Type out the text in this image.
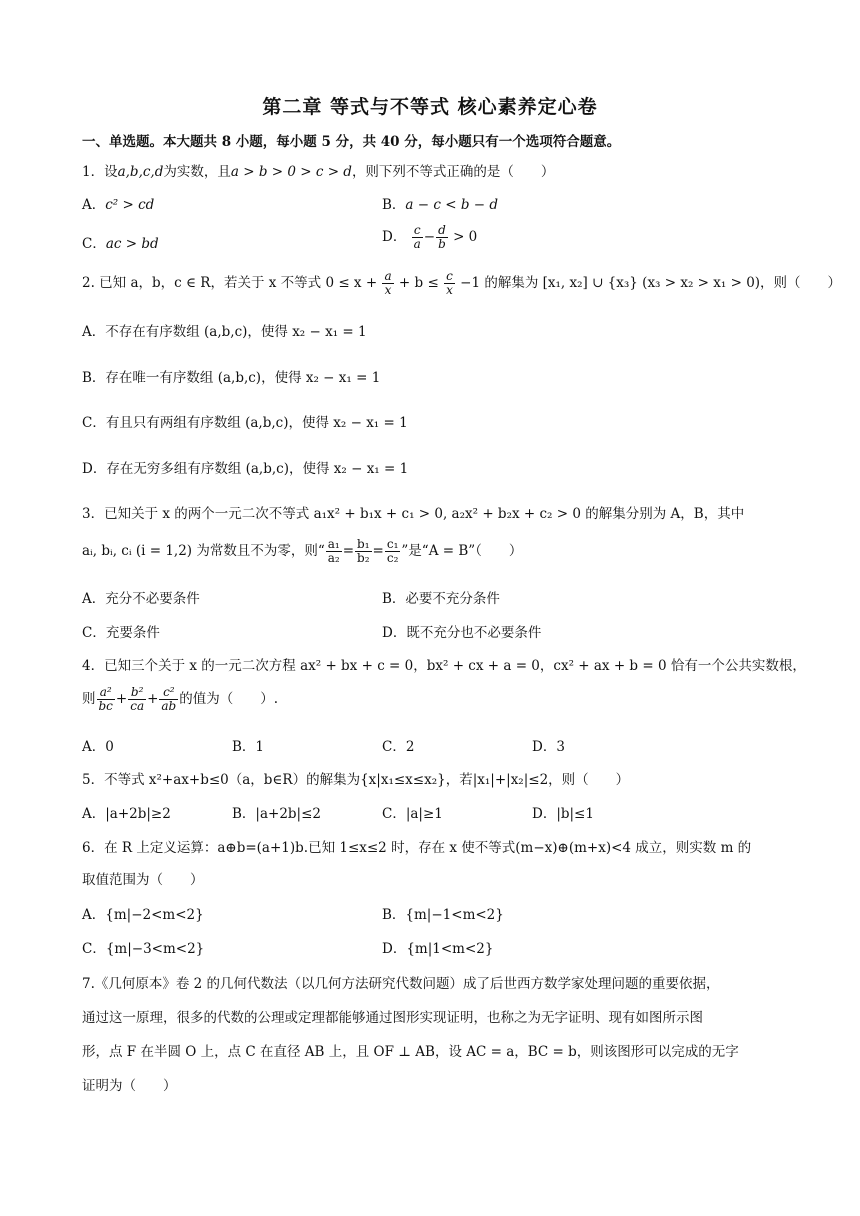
第二章 等式与不等式 核心素养定心卷
一、单选题。本大题共 8 小题，每小题 5 分，共 40 分，每小题只有一个选项符合题意。
1．设a,b,c,d为实数，且a > b > 0 > c > d，则下列不等式正确的是（　　）
A．c² > cd	B．a − c < b − d
C．ac > bd	D． $\frac{c}{a} - \frac{d}{b} > 0$
2. 已知 a，b，c ∈ R，若关于 x 不等式 $0 \le x + \frac{a}{x} + b \le \frac{c}{x} -1$ 的解集为 [x₁, x₂] ∪ {x₃} (x₃ > x₂ > x₁ > 0)，则（　　）
A．不存在有序数组 (a,b,c)，使得 x₂ − x₁ = 1
B．存在唯一有序数组 (a,b,c)，使得 x₂ − x₁ = 1
C．有且只有两组有序数组 (a,b,c)，使得 x₂ − x₁ = 1
D．存在无穷多组有序数组 (a,b,c)，使得 x₂ − x₁ = 1
3．已知关于 x 的两个一元二次不等式 a₁x² + b₁x + c₁ > 0, a₂x² + b₂x + c₂ > 0 的解集分别为 A，B，其中
aᵢ, bᵢ, cᵢ (i = 1,2) 为常数且不为零，则“ $\frac{\text{a₁}}{\text{a₂}} = \frac{\text{b₁}}{\text{b₂}} = \frac{\text{c₁}}{\text{c₂}}$ ”是“A = B”（　　）
A．充分不必要条件	B．必要不充分条件
C．充要条件	D．既不充分也不必要条件
4．已知三个关于 x 的一元二次方程 ax² + bx + c = 0，bx² + cx + a = 0，cx² + ax + b = 0 恰有一个公共实数根，
则 $\frac{\text{a²}}{bc} + \frac{\text{b²}}{ca} + \frac{\text{c²}}{ab}$ 的值为（　　）.
A．0	B．1	C．2	D．3
5．不等式 x²+ax+b≤0（a，b∈R）的解集为{x|x₁≤x≤x₂}，若|x₁|+|x₂|≤2，则（　　）
A．|a+2b|≥2	B．|a+2b|≤2	C．|a|≥1	D．|b|≤1
6．在 R 上定义运算：a⊕b=(a+1)b.已知 1≤x≤2 时，存在 x 使不等式(m−x)⊕(m+x)<4 成立，则实数 m 的
取值范围为（　　）
A．{m|−2<m<2}	B．{m|−1<m<2}
C．{m|−3<m<2}	D．{m|1<m<2}
7.《几何原本》卷 2 的几何代数法（以几何方法研究代数问题）成了后世西方数学家处理问题的重要依据，
通过这一原理，很多的代数的公理或定理都能够通过图形实现证明，也称之为无字证明、现有如图所示图
形，点 F 在半圆 O 上，点 C 在直径 AB 上，且 OF ⊥ AB，设 AC = a，BC = b，则该图形可以完成的无字
证明为（　　）
